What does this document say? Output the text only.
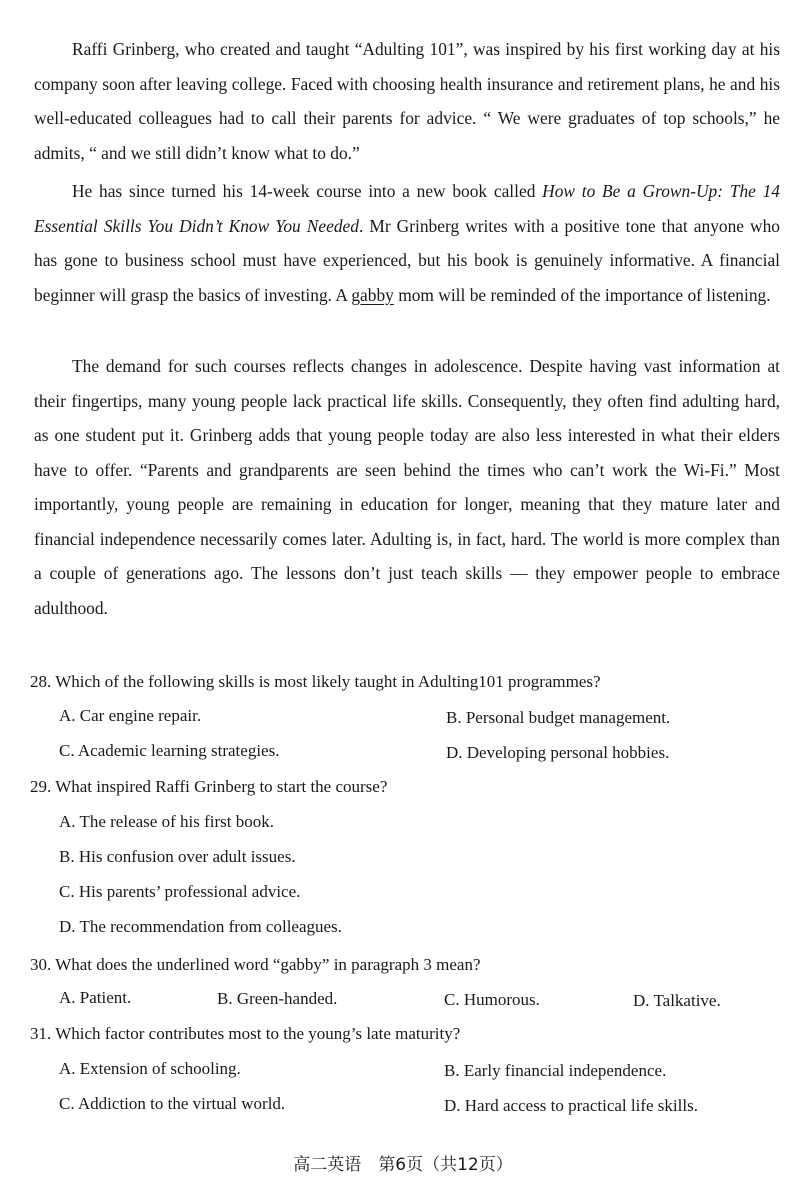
Raffi Grinberg, who created and taught “Adulting 101”, was inspired by his first working day at his company soon after leaving college. Faced with choosing health insurance and retirement plans, he and his well-educated colleagues had to call their parents for advice. “ We were graduates of top schools,” he admits, “ and we still didn’t know what to do.”

He has since turned his 14-week course into a new book called How to Be a Grown-Up: The 14 Essential Skills You Didn’t Know You Needed. Mr Grinberg writes with a positive tone that anyone who has gone to business school must have experienced, but his book is genuinely informative. A financial beginner will grasp the basics of investing. A gabby mom will be reminded of the importance of listening.

The demand for such courses reflects changes in adolescence. Despite having vast information at their fingertips, many young people lack practical life skills. Consequently, they often find adulting hard, as one student put it. Grinberg adds that young people today are also less interested in what their elders have to offer. “Parents and grandparents are seen behind the times who can’t work the Wi-Fi.” Most importantly, young people are remaining in education for longer, meaning that they mature later and financial independence necessarily comes later. Adulting is, in fact, hard. The world is more complex than a couple of generations ago. The lessons don’t just teach skills — they empower people to embrace adulthood.

28. Which of the following skills is most likely taught in Adulting101 programmes?
A. Car engine repair.	B. Personal budget management.
C. Academic learning strategies.	D. Developing personal hobbies.
29. What inspired Raffi Grinberg to start the course?
A. The release of his first book.
B. His confusion over adult issues.
C. His parents’ professional advice.
D. The recommendation from colleagues.
30. What does the underlined word “gabby” in paragraph 3 mean?
A. Patient.	B. Green-handed.	C. Humorous.	D. Talkative.
31. Which factor contributes most to the young’s late maturity?
A. Extension of schooling.	B. Early financial independence.
C. Addiction to the virtual world.	D. Hard access to practical life skills.
高二英语　第6页（共12页）
